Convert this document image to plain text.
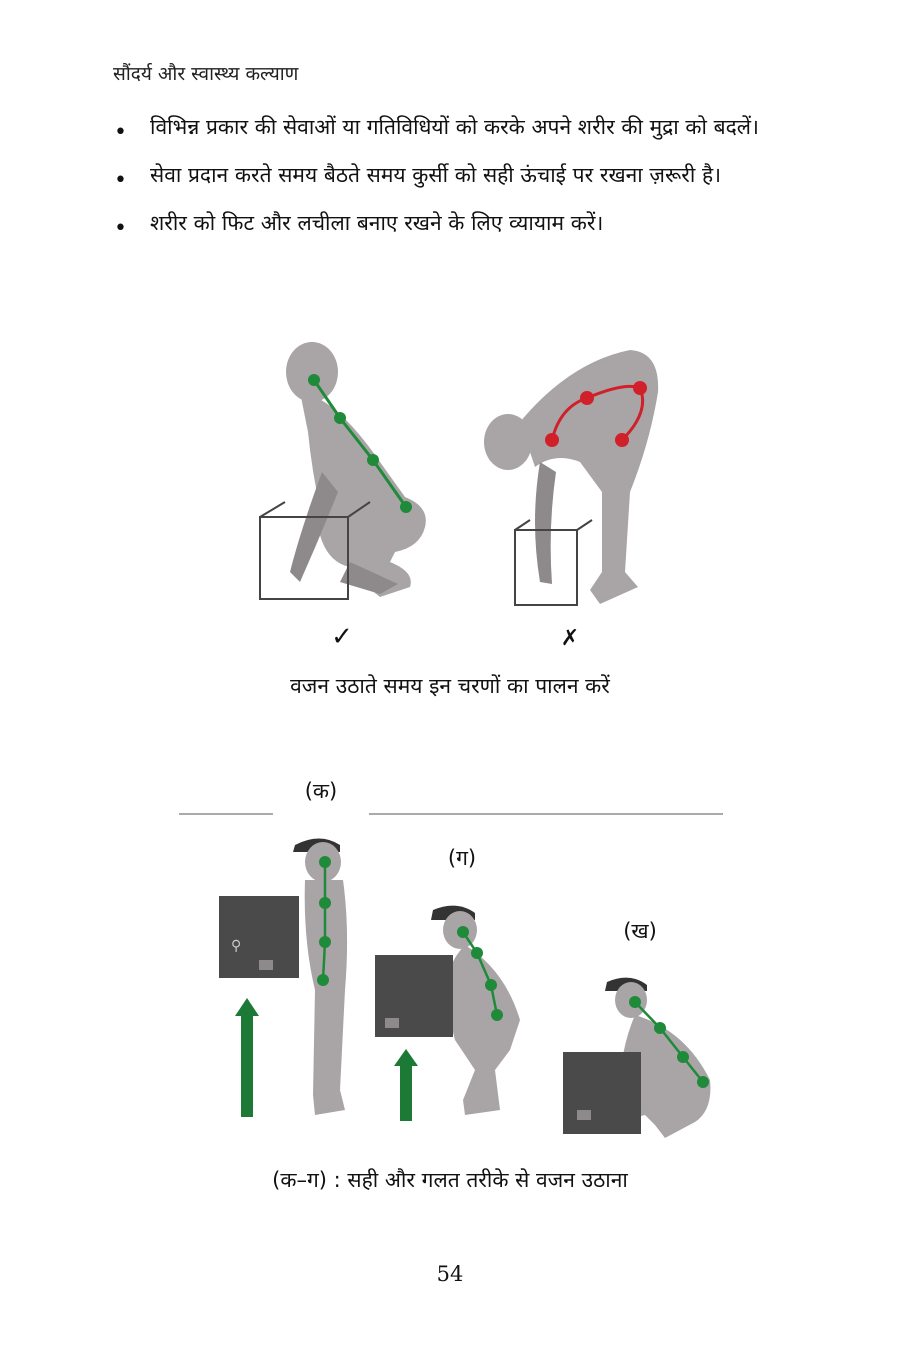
सौंदर्य और स्वास्थ्य कल्याण
• विभिन्न प्रकार की सेवाओं या गतिविधियों को करके अपने शरीर की मुद्रा को बदलें।
• सेवा प्रदान करते समय बैठते समय कुर्सी को सही ऊंचाई पर रखना ज़रूरी है।
• शरीर को फिट और लचीला बनाए रखने के लिए व्यायाम करें।
✓	✗
वजन उठाते समय इन चरणों का पालन करें
(क)
(ग)
(ख)
⚲
(क–ग) : सही और गलत तरीके से वजन उठाना
54
